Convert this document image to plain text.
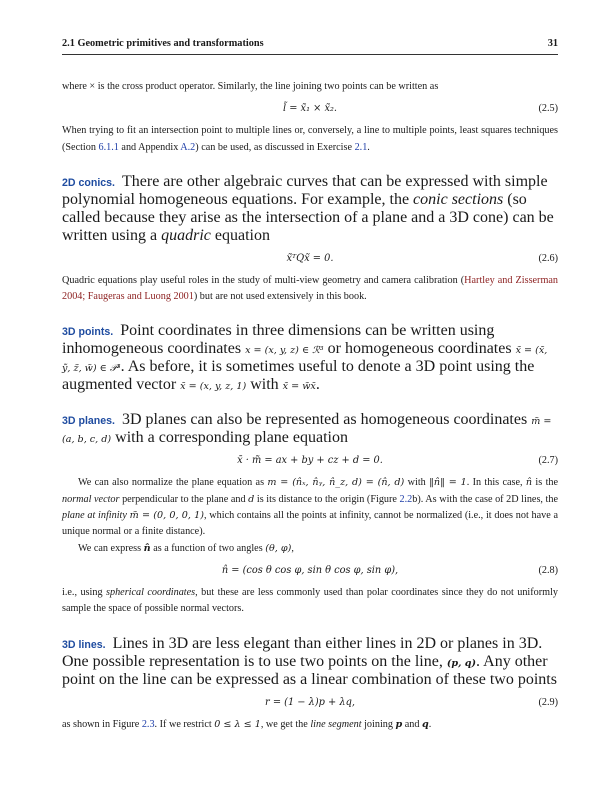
2.1 Geometric primitives and transformations	31

where × is the cross product operator. Similarly, the line joining two points can be written as

l̃ = x̃₁ × x̃₂.	(2.5)

When trying to fit an intersection point to multiple lines or, conversely, a line to multiple points, least squares techniques (Section 6.1.1 and Appendix A.2) can be used, as discussed in Exercise 2.1.

2D conics. There are other algebraic curves that can be expressed with simple polynomial homogeneous equations. For example, the conic sections (so called because they arise as the intersection of a plane and a 3D cone) can be written using a quadric equation

x̃ᵀQx̃ = 0.	(2.6)

Quadric equations play useful roles in the study of multi-view geometry and camera calibration (Hartley and Zisserman 2004; Faugeras and Luong 2001) but are not used extensively in this book.

3D points. Point coordinates in three dimensions can be written using inhomogeneous coordinates x = (x, y, z) ∈ ℛ³ or homogeneous coordinates x̃ = (x̃, ỹ, z̃, w̃) ∈ 𝒫³. As before, it is sometimes useful to denote a 3D point using the augmented vector x̄ = (x, y, z, 1) with x̃ = w̃x̄.

3D planes. 3D planes can also be represented as homogeneous coordinates m̃ = (a, b, c, d) with a corresponding plane equation

x̄ · m̃ = ax + by + cz + d = 0.	(2.7)

We can also normalize the plane equation as m = (n̂ₓ, n̂ᵧ, n̂_z, d) = (n̂, d) with ‖n̂‖ = 1. In this case, n̂ is the normal vector perpendicular to the plane and d is its distance to the origin (Figure 2.2b). As with the case of 2D lines, the plane at infinity m̃ = (0, 0, 0, 1), which contains all the points at infinity, cannot be normalized (i.e., it does not have a unique normal or a finite distance).

We can express n̂ as a function of two angles (θ, φ),

n̂ = (cos θ cos φ, sin θ cos φ, sin φ),	(2.8)

i.e., using spherical coordinates, but these are less commonly used than polar coordinates since they do not uniformly sample the space of possible normal vectors.

3D lines. Lines in 3D are less elegant than either lines in 2D or planes in 3D. One possible representation is to use two points on the line, (p, q). Any other point on the line can be expressed as a linear combination of these two points

r = (1 − λ)p + λq,	(2.9)

as shown in Figure 2.3. If we restrict 0 ≤ λ ≤ 1, we get the line segment joining p and q.
